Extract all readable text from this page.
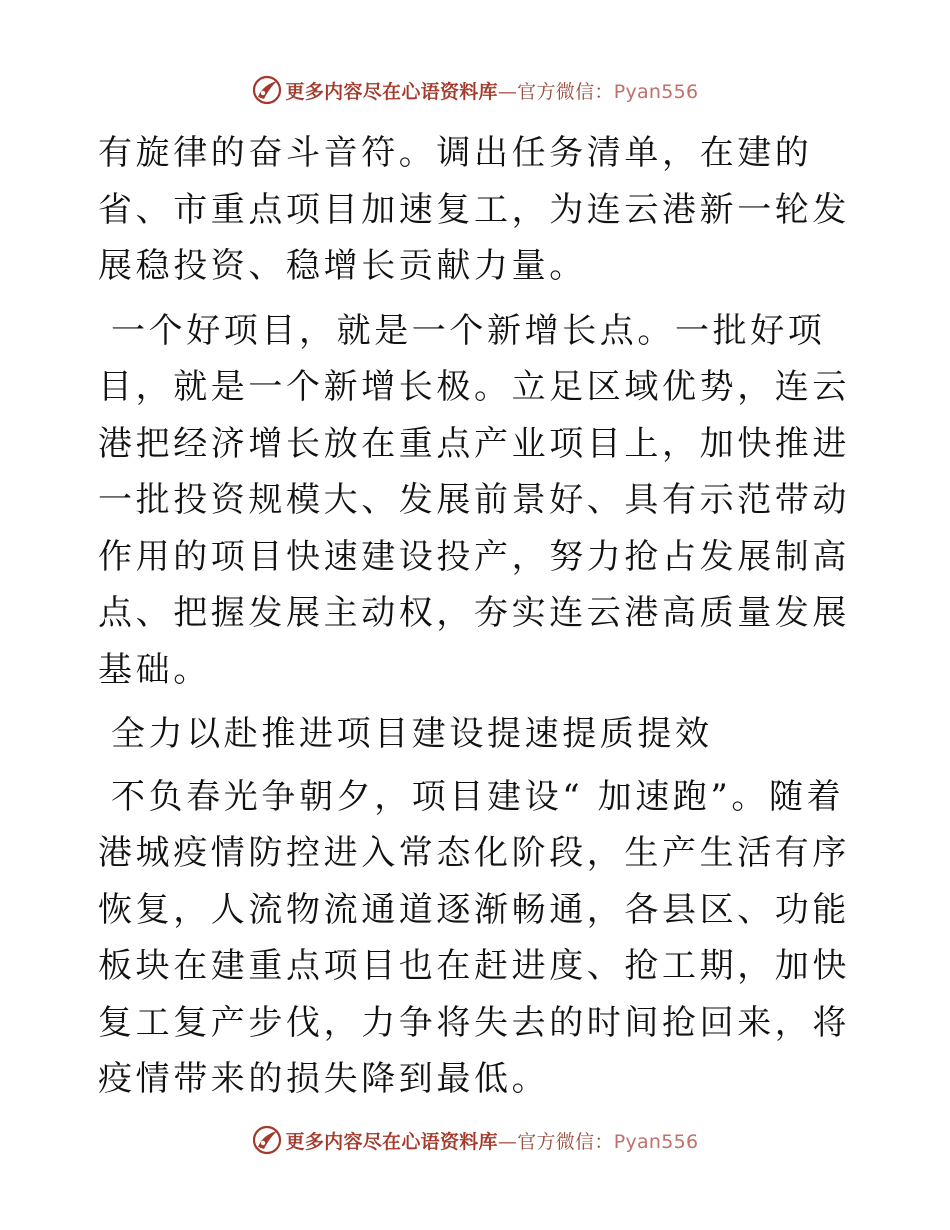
更多内容尽在心语资料库—官方微信：Pyan556

有旋律的奋斗音符。调出任务清单，在建的省、市重点项目加速复工，为连云港新一轮发展稳投资、稳增长贡献力量。

一个好项目，就是一个新增长点。一批好项目，就是一个新增长极。立足区域优势，连云港把经济增长放在重点产业项目上，加快推进一批投资规模大、发展前景好、具有示范带动作用的项目快速建设投产，努力抢占发展制高点、把握发展主动权，夯实连云港高质量发展基础。

全力以赴推进项目建设提速提质提效

不负春光争朝夕，项目建设“ 加速跑”。随着港城疫情防控进入常态化阶段，生产生活有序恢复，人流物流通道逐渐畅通，各县区、功能板块在建重点项目也在赶进度、抢工期，加快复工复产步伐，力争将失去的时间抢回来，将疫情带来的损失降到最低。

更多内容尽在心语资料库—官方微信：Pyan556
